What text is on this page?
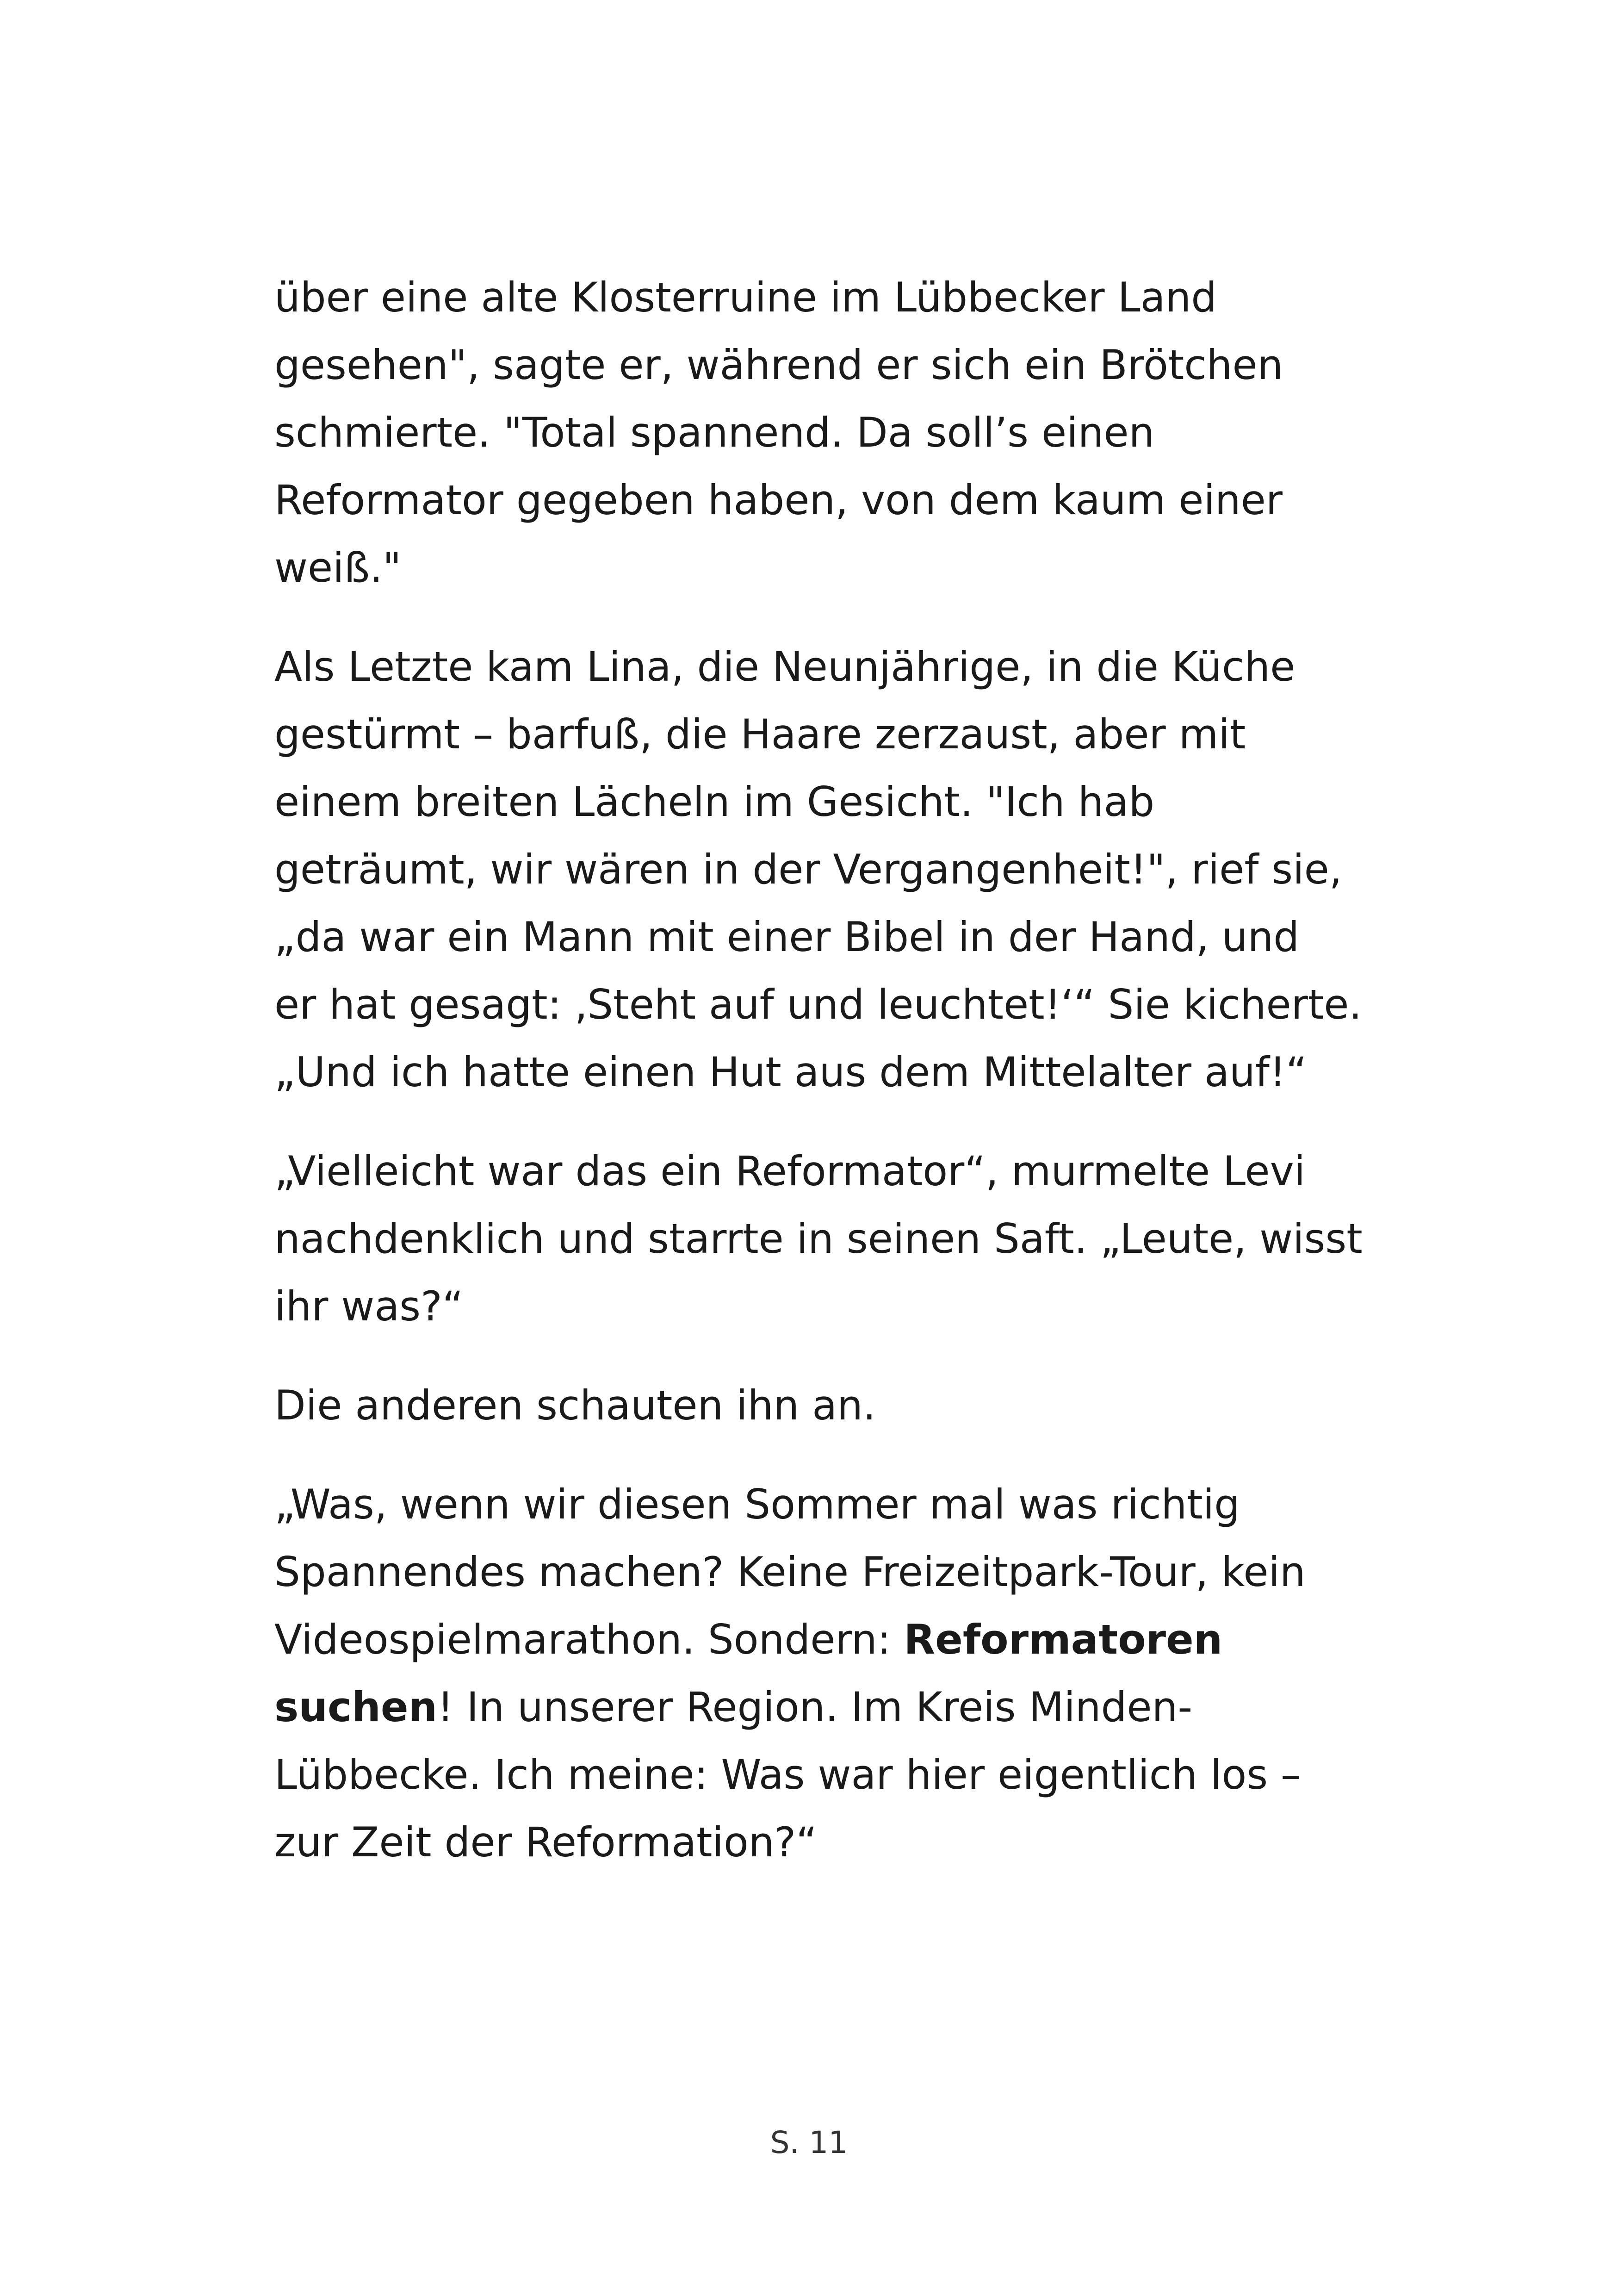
über eine alte Klosterruine im Lübbecker Land
gesehen", sagte er, während er sich ein Brötchen
schmierte. "Total spannend. Da soll’s einen
Reformator gegeben haben, von dem kaum einer
weiß."
Als Letzte kam Lina, die Neunjährige, in die Küche
gestürmt – barfuß, die Haare zerzaust, aber mit
einem breiten Lächeln im Gesicht. "Ich hab
geträumt, wir wären in der Vergangenheit!", rief sie,
„da war ein Mann mit einer Bibel in der Hand, und
er hat gesagt: ‚Steht auf und leuchtet!‘“ Sie kicherte.
„Und ich hatte einen Hut aus dem Mittelalter auf!“
„Vielleicht war das ein Reformator“, murmelte Levi
nachdenklich und starrte in seinen Saft. „Leute, wisst
ihr was?“
Die anderen schauten ihn an.
„Was, wenn wir diesen Sommer mal was richtig
Spannendes machen? Keine Freizeitpark-Tour, kein
Videospielmarathon. Sondern: Reformatoren
suchen! In unserer Region. Im Kreis Minden-
Lübbecke. Ich meine: Was war hier eigentlich los –
zur Zeit der Reformation?“
S. 11
